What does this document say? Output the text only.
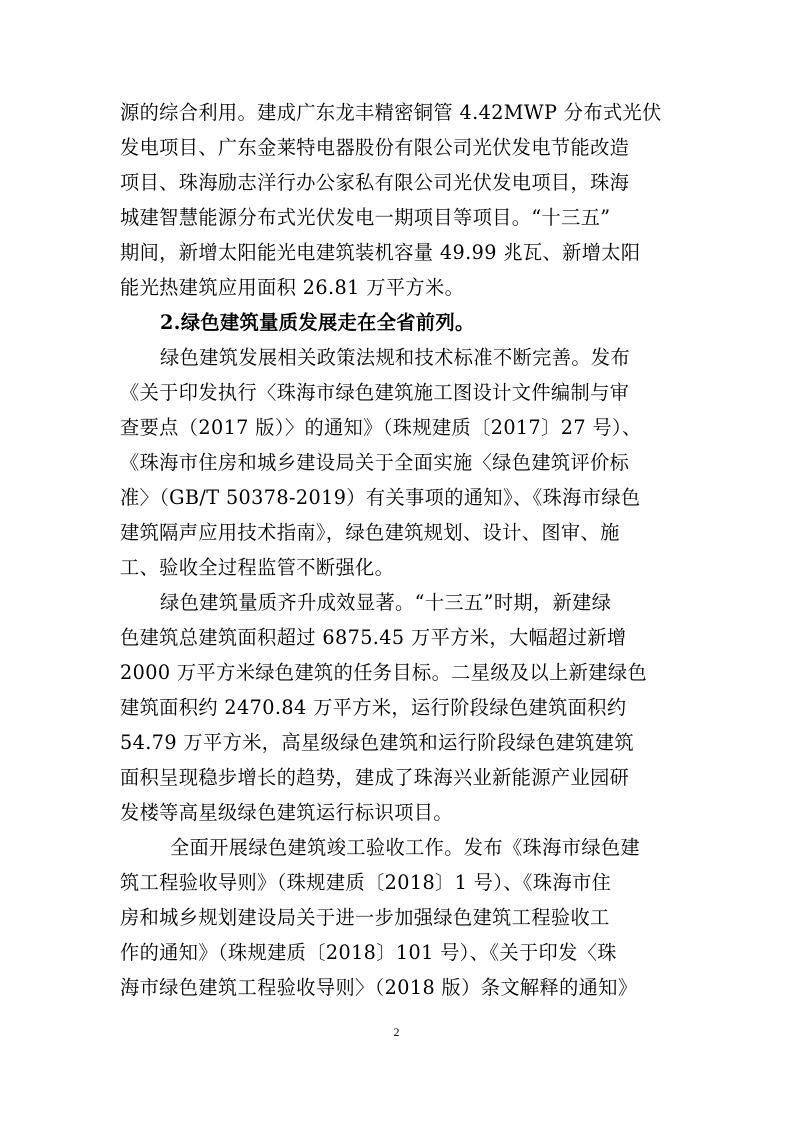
源的综合利用。建成广东龙丰精密铜管 4.42MWP 分布式光伏
发电项目、广东金莱特电器股份有限公司光伏发电节能改造
项目、珠海励志洋行办公家私有限公司光伏发电项目，珠海
城建智慧能源分布式光伏发电一期项目等项目。“十三五”
期间，新增太阳能光电建筑装机容量 49.99 兆瓦、新增太阳
能光热建筑应用面积 26.81 万平方米。
2.绿色建筑量质发展走在全省前列。
绿色建筑发展相关政策法规和技术标准不断完善。发布
《关于印发执行〈珠海市绿色建筑施工图设计文件编制与审
查要点（2017 版）〉的通知》（珠规建质〔2017〕27 号）、
《珠海市住房和城乡建设局关于全面实施〈绿色建筑评价标
准〉（GB/T 50378-2019）有关事项的通知》、《珠海市绿色
建筑隔声应用技术指南》，绿色建筑规划、设计、图审、施
工、验收全过程监管不断强化。
绿色建筑量质齐升成效显著。“十三五”时期，新建绿
色建筑总建筑面积超过 6875.45 万平方米，大幅超过新增
2000 万平方米绿色建筑的任务目标。二星级及以上新建绿色
建筑面积约 2470.84 万平方米，运行阶段绿色建筑面积约
54.79 万平方米，高星级绿色建筑和运行阶段绿色建筑建筑
面积呈现稳步增长的趋势，建成了珠海兴业新能源产业园研
发楼等高星级绿色建筑运行标识项目。
全面开展绿色建筑竣工验收工作。发布《珠海市绿色建
筑工程验收导则》（珠规建质〔2018〕1 号）、《珠海市住
房和城乡规划建设局关于进一步加强绿色建筑工程验收工
作的通知》（珠规建质〔2018〕101 号）、《关于印发〈珠
海市绿色建筑工程验收导则〉（2018 版）条文解释的通知》
2
